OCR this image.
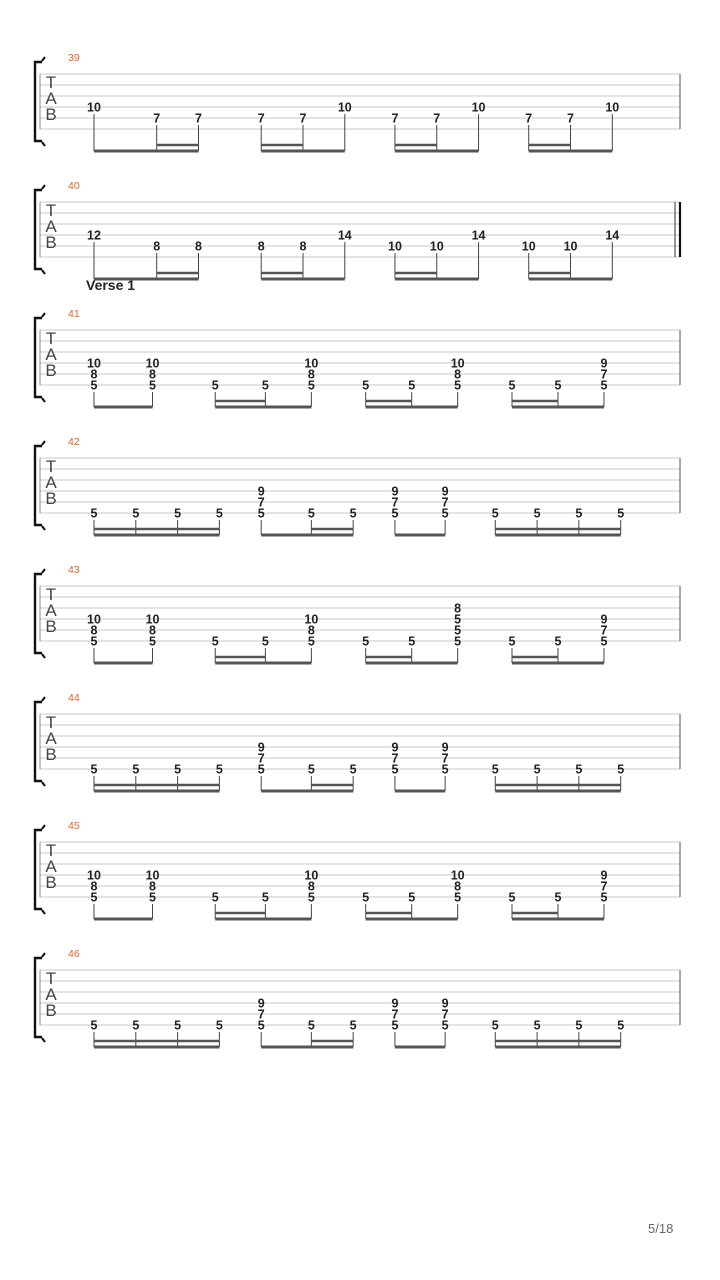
T
A
B
39
10
7	7	7	7
10
7	7
10
7	7
10
T
A
B
40
12
8	8	8	8
14
10 10
14
10 10
14
T
A
B
41
Verse 1
10
8
5
10
8
5	5	5
10
8
5	5	5
10
8
5	5	5
9
7
5
T
A
B
42
5	5	5	5
9
7
5	5	5
9
7
5
9
7
5	5	5	5	5
T
A
B
43
10
8
5
10
8
5	5	5
10
8
5	5	5
8
5
5
5	5	5
9
7
5
T
A
B
44
5	5	5	5
9
7
5	5	5
9
7
5
9
7
5	5	5	5	5
T
A
B
45
10
8
5
10
8
5	5	5
10
8
5	5	5
10
8
5	5	5
9
7
5
T
A
B
46
5	5	5	5
9
7
5	5	5
9
7
5
9
7
5	5	5	5	5
5/18
